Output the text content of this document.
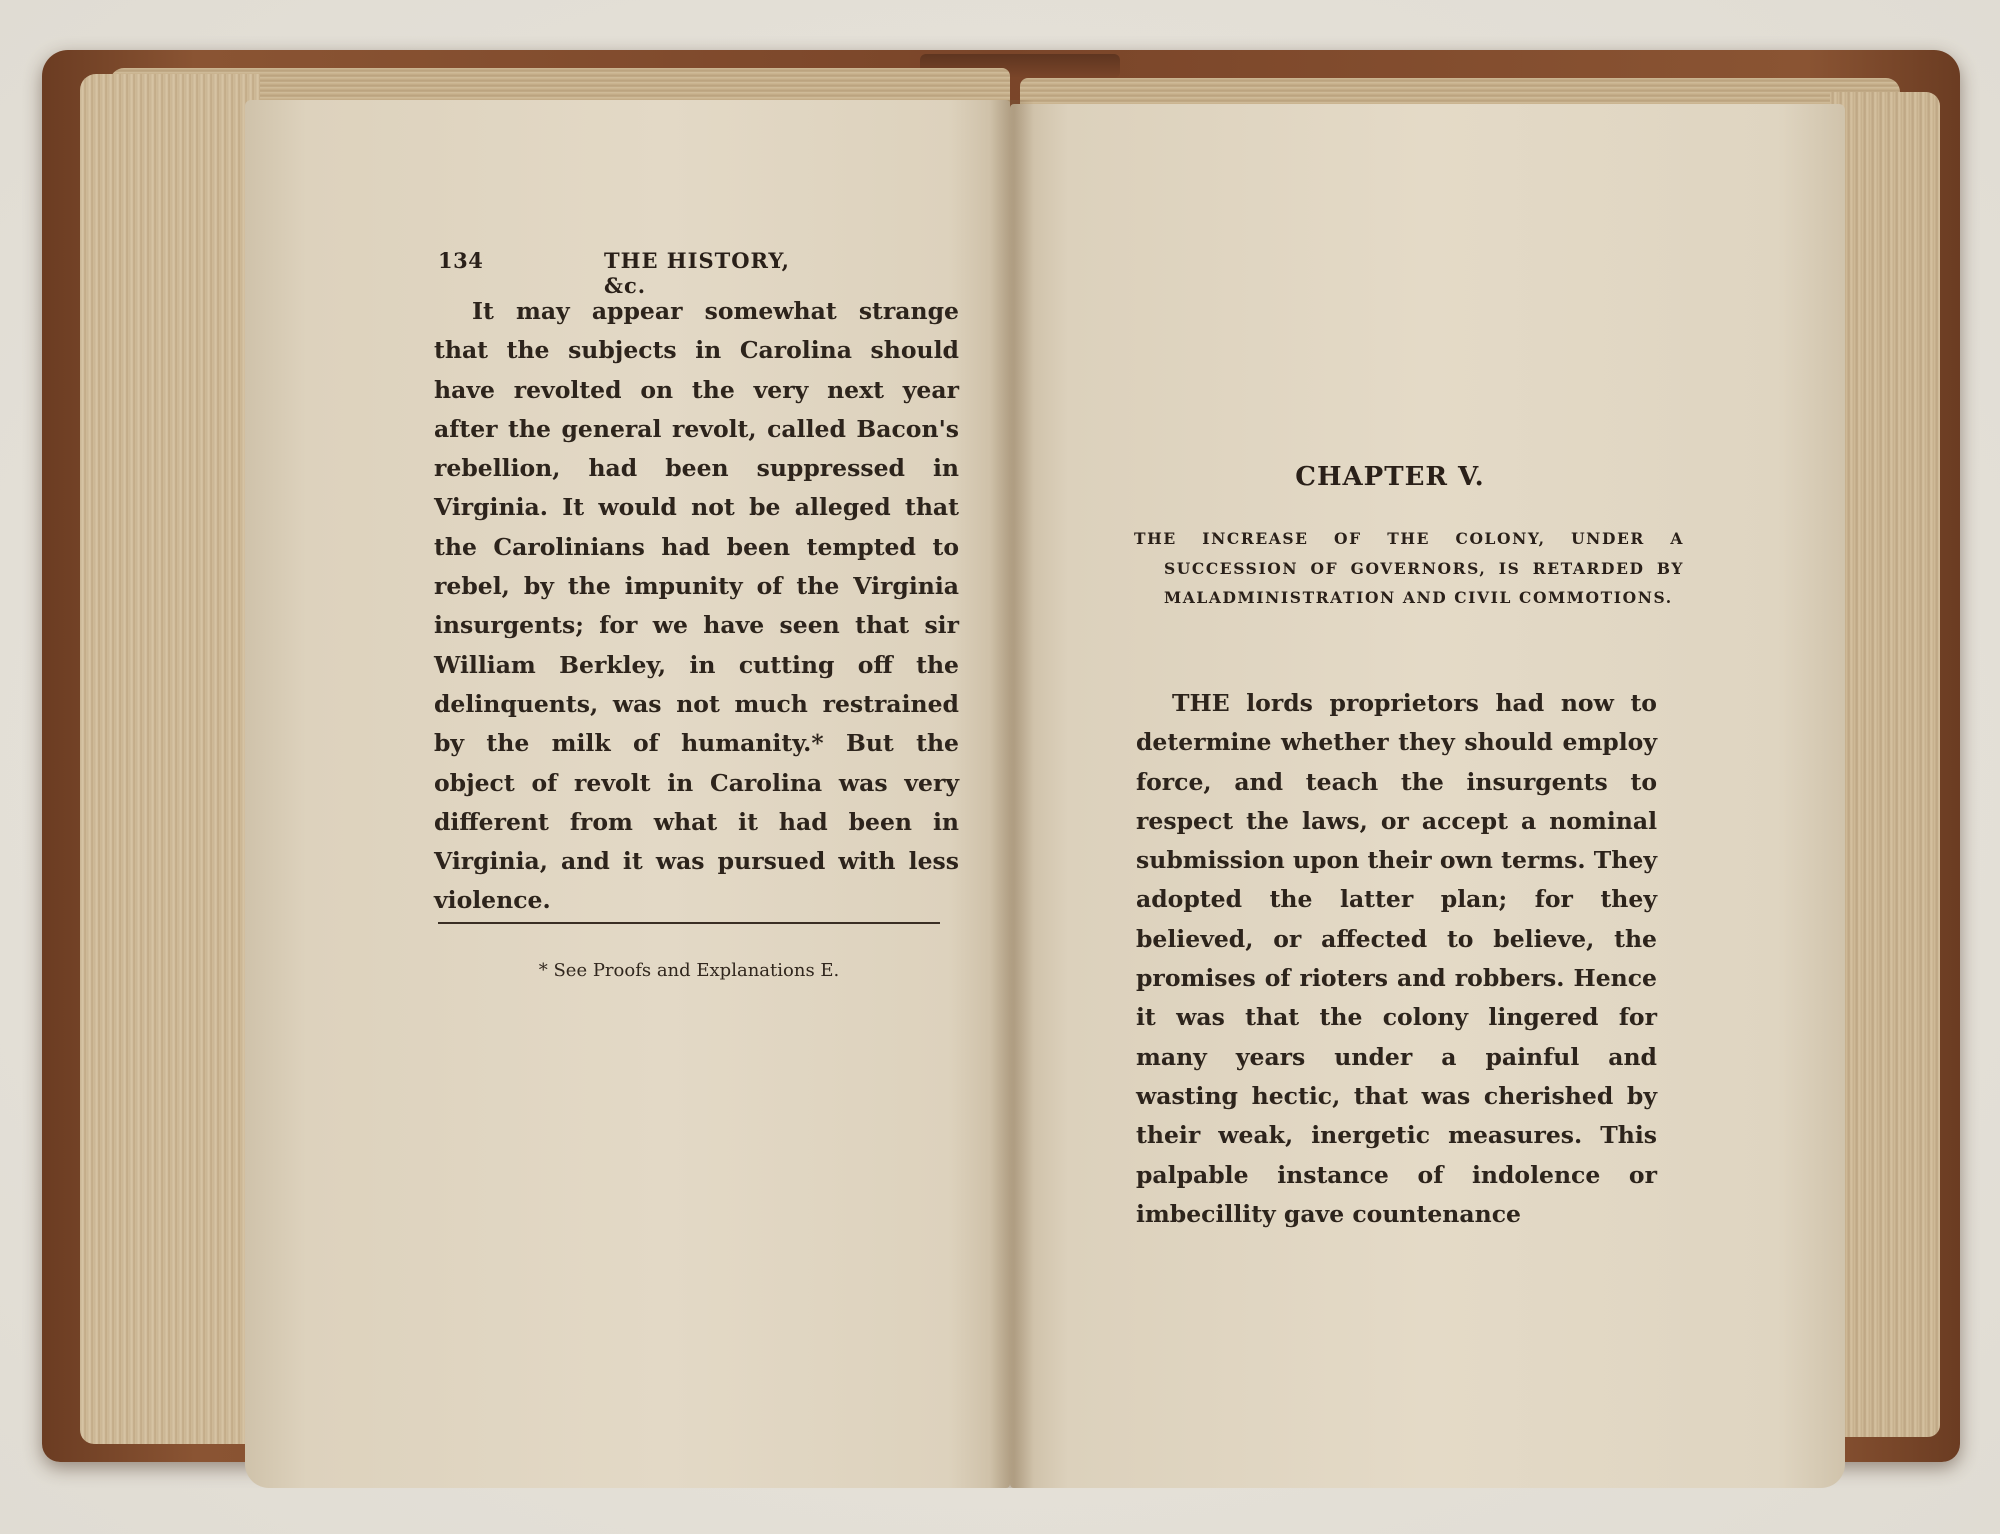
134	THE HISTORY, &c.
It may appear somewhat strange that the subjects in Carolina should have revolted on the very next year after the general revolt, called Bacon's rebellion, had been suppressed in Virginia. It would not be alleged that the Carolinians had been tempted to rebel, by the impunity of the Virginia insurgents; for we have seen that sir William Berkley, in cutting off the delinquents, was not much restrained by the milk of humanity.* But the object of revolt in Carolina was very different from what it had been in Virginia, and it was pursued with less violence.
* See Proofs and Explanations E.
CHAPTER V.
THE INCREASE OF THE COLONY, UNDER A SUCCESSION OF GOVERNORS, IS RETARDED BY MALADMINISTRATION AND CIVIL COMMOTIONS.
THE lords proprietors had now to determine whether they should employ force, and teach the insurgents to respect the laws, or accept a nominal submission upon their own terms. They adopted the latter plan; for they believed, or affected to believe, the promises of rioters and robbers. Hence it was that the colony lingered for many years under a painful and wasting hectic, that was cherished by their weak, inergetic measures. This palpable instance of indolence or imbecillity gave countenance
